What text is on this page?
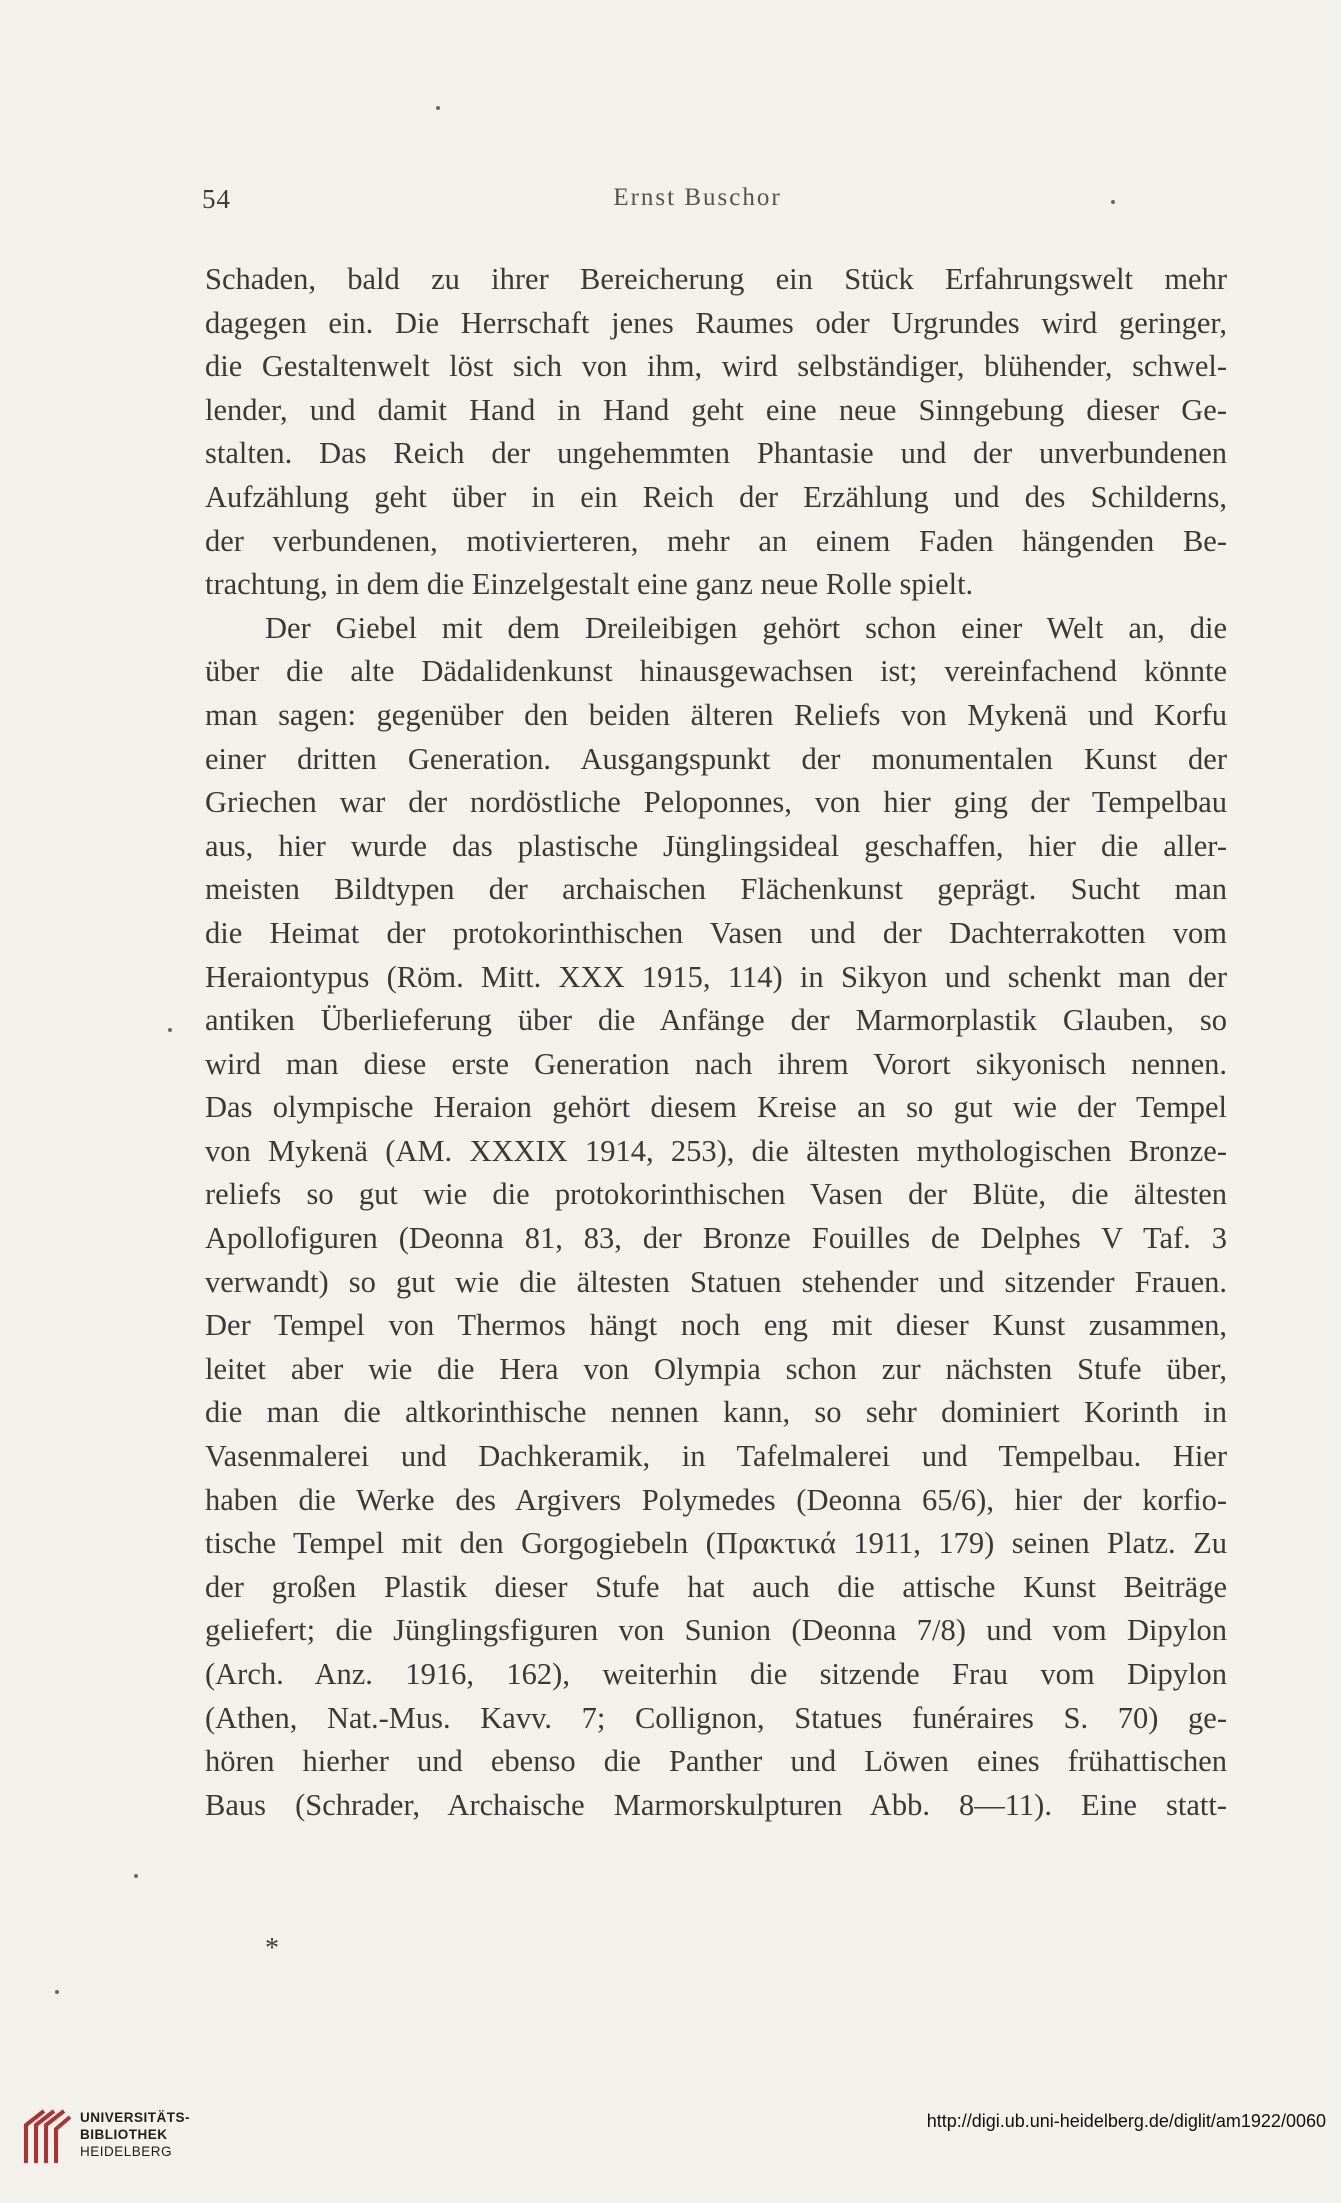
54	Ernst Buschor
Schaden, bald zu ihrer Bereicherung ein Stück Erfahrungswelt mehr
dagegen ein. Die Herrschaft jenes Raumes oder Urgrundes wird geringer,
die Gestaltenwelt löst sich von ihm, wird selbständiger, blühender, schwel-
lender, und damit Hand in Hand geht eine neue Sinngebung dieser Ge-
stalten. Das Reich der ungehemmten Phantasie und der unverbundenen
Aufzählung geht über in ein Reich der Erzählung und des Schilderns,
der verbundenen, motivierteren, mehr an einem Faden hängenden Be-
trachtung, in dem die Einzelgestalt eine ganz neue Rolle spielt.
Der Giebel mit dem Dreileibigen gehört schon einer Welt an, die
über die alte Dädalidenkunst hinausgewachsen ist; vereinfachend könnte
man sagen: gegenüber den beiden älteren Reliefs von Mykenä und Korfu
einer dritten Generation. Ausgangspunkt der monumentalen Kunst der
Griechen war der nordöstliche Peloponnes, von hier ging der Tempelbau
aus, hier wurde das plastische Jünglingsideal geschaffen, hier die aller-
meisten Bildtypen der archaischen Flächenkunst geprägt. Sucht man
die Heimat der protokorinthischen Vasen und der Dachterrakotten vom
Heraiontypus (Röm. Mitt. XXX 1915, 114) in Sikyon und schenkt man der
antiken Überlieferung über die Anfänge der Marmorplastik Glauben, so
wird man diese erste Generation nach ihrem Vorort sikyonisch nennen.
Das olympische Heraion gehört diesem Kreise an so gut wie der Tempel
von Mykenä (AM. XXXIX 1914, 253), die ältesten mythologischen Bronze-
reliefs so gut wie die protokorinthischen Vasen der Blüte, die ältesten
Apollofiguren (Deonna 81, 83, der Bronze Fouilles de Delphes V Taf. 3
verwandt) so gut wie die ältesten Statuen stehender und sitzender Frauen.
Der Tempel von Thermos hängt noch eng mit dieser Kunst zusammen,
leitet aber wie die Hera von Olympia schon zur nächsten Stufe über,
die man die altkorinthische nennen kann, so sehr dominiert Korinth in
Vasenmalerei und Dachkeramik, in Tafelmalerei und Tempelbau. Hier
haben die Werke des Argivers Polymedes (Deonna 65/6), hier der korfio-
tische Tempel mit den Gorgogiebeln (Πρακτικά 1911, 179) seinen Platz. Zu
der großen Plastik dieser Stufe hat auch die attische Kunst Beiträge
geliefert; die Jünglingsfiguren von Sunion (Deonna 7/8) und vom Dipylon
(Arch. Anz. 1916, 162), weiterhin die sitzende Frau vom Dipylon
(Athen, Nat.-Mus. Kavv. 7; Collignon, Statues funéraires S. 70) ge-
hören hierher und ebenso die Panther und Löwen eines frühattischen
Baus (Schrader, Archaische Marmorskulpturen Abb. 8—11). Eine statt-
*
UNIVERSITÄTS-
BIBLIOTHEK
HEIDELBERG
http://digi.ub.uni-heidelberg.de/diglit/am1922/0060
